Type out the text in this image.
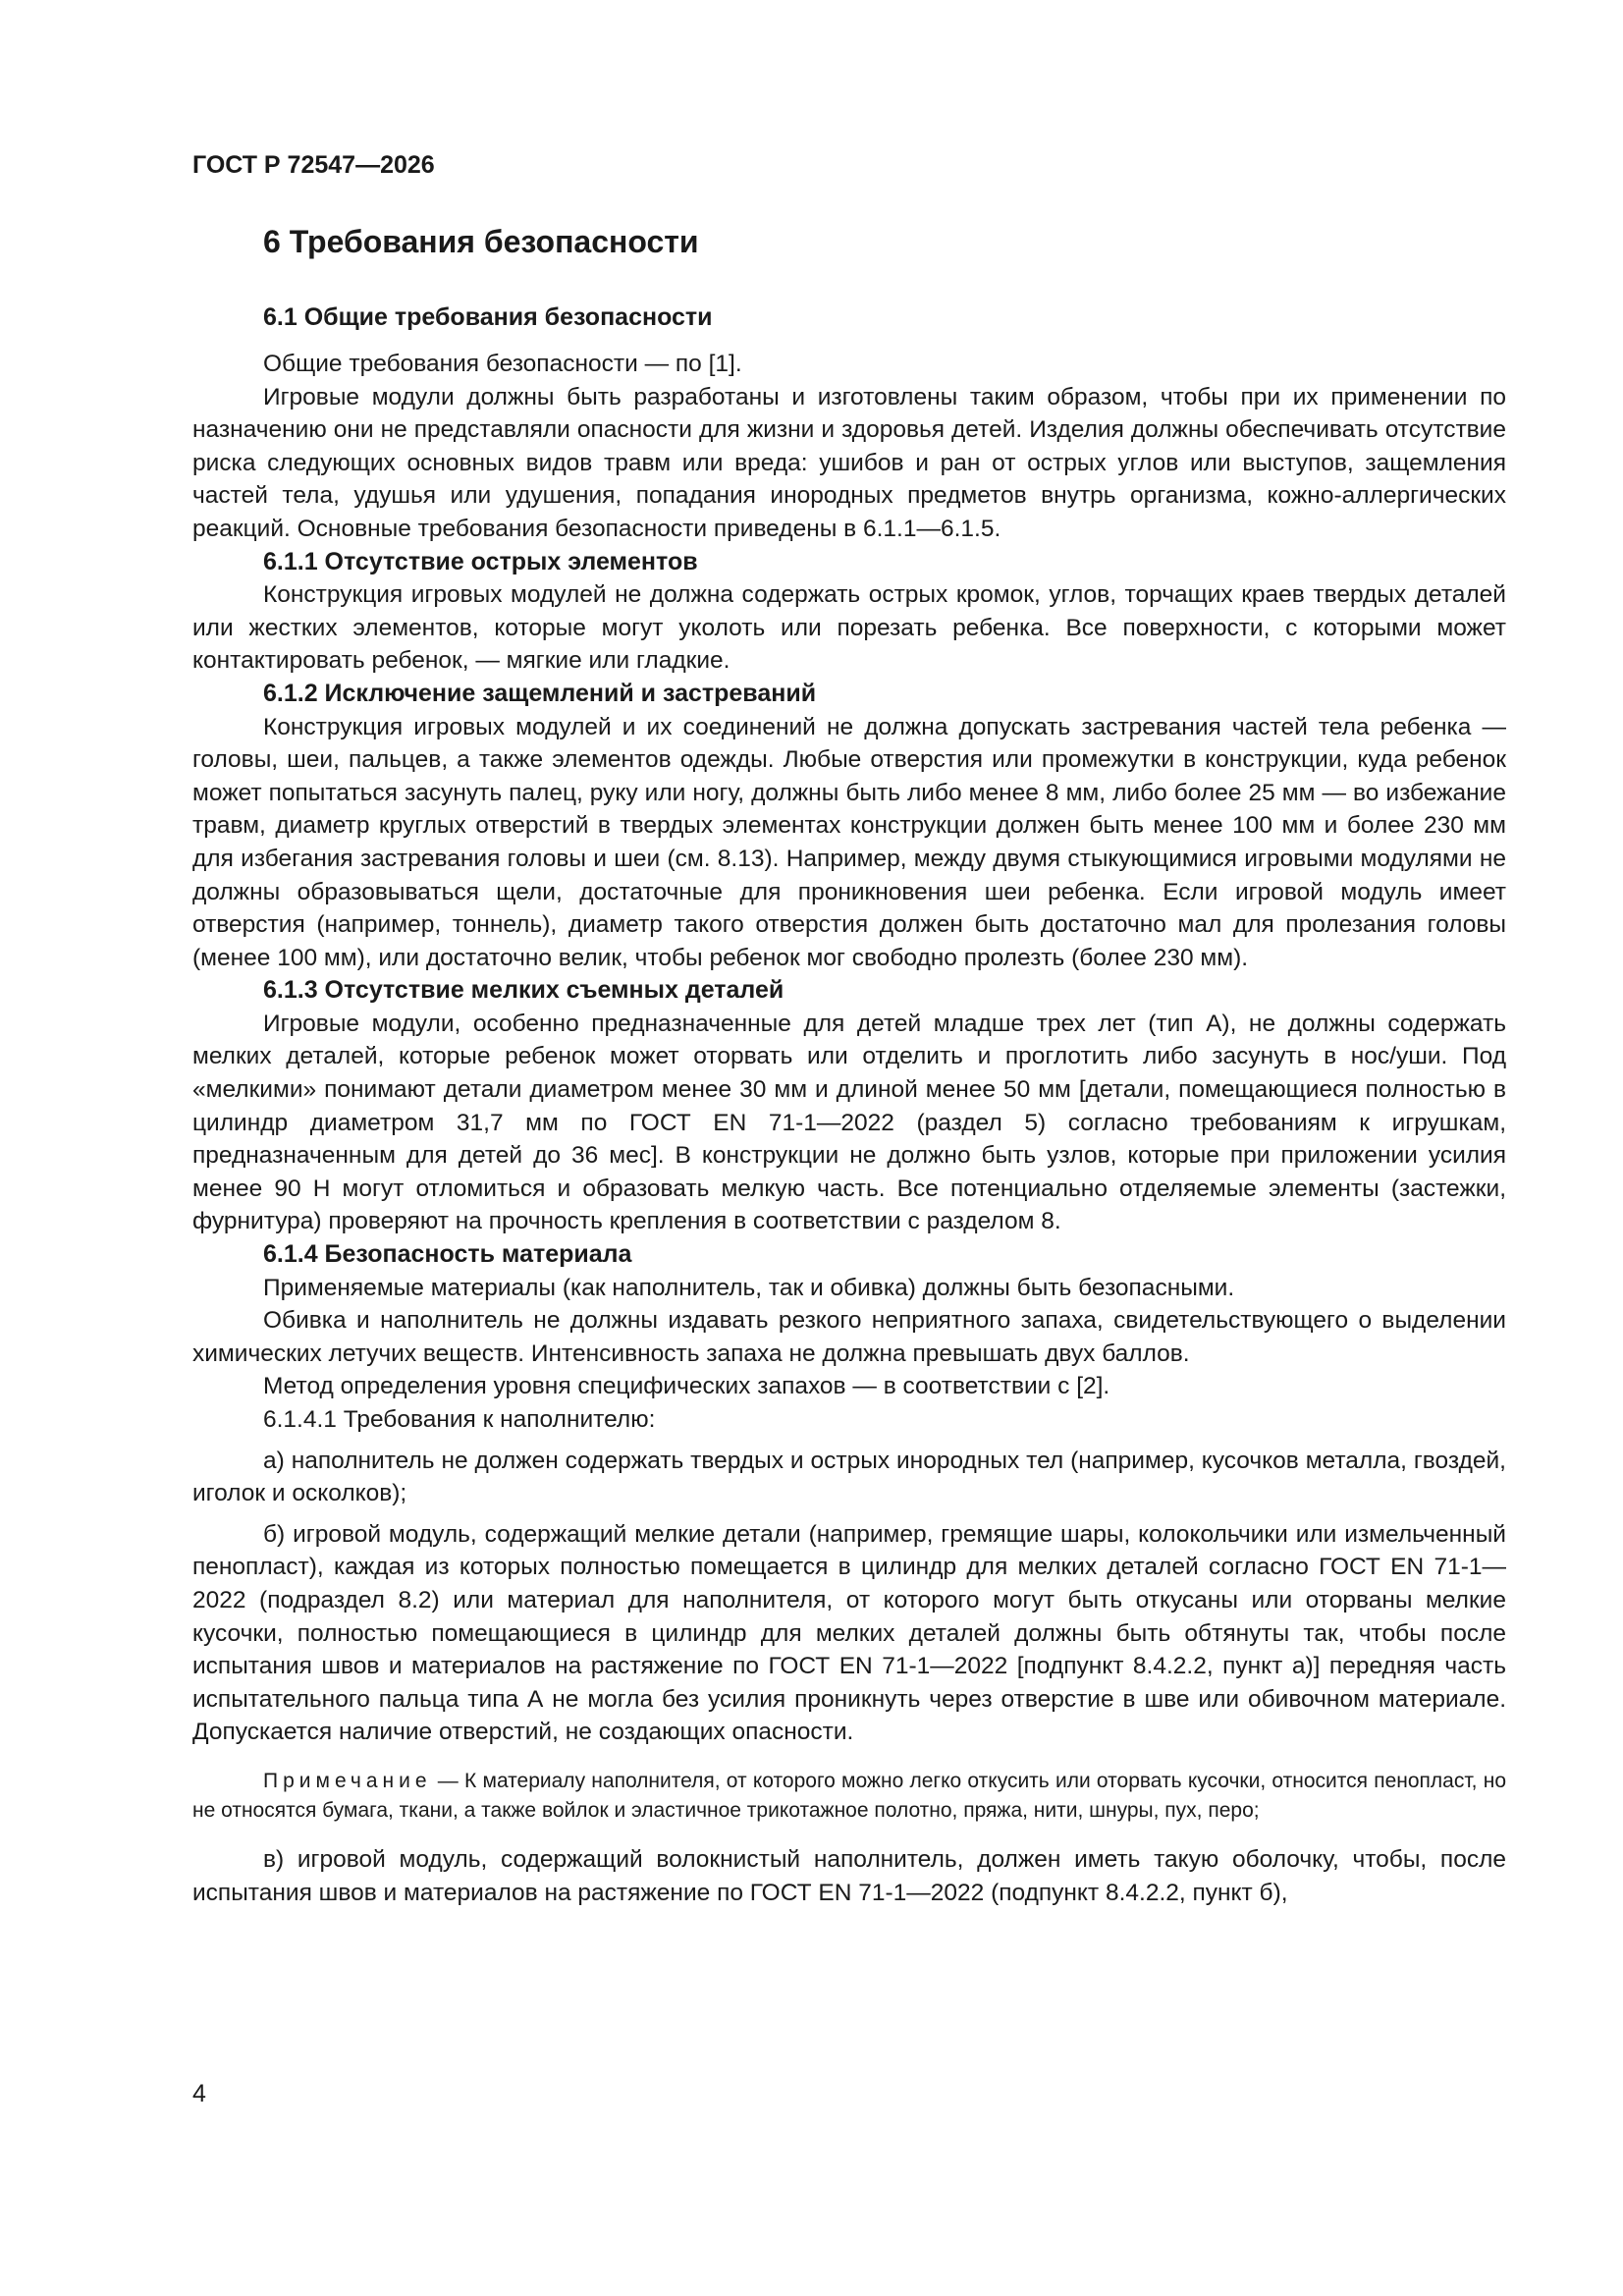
ГОСТ Р 72547—2026
6 Требования безопасности
6.1 Общие требования безопасности

Общие требования безопасности — по [1].

Игровые модули должны быть разработаны и изготовлены таким образом, чтобы при их применении по назначению они не представляли опасности для жизни и здоровья детей. Изделия должны обеспечивать отсутствие риска следующих основных видов травм или вреда: ушибов и ран от острых углов или выступов, защемления частей тела, удушья или удушения, попадания инородных предметов внутрь организма, кожно-аллергических реакций. Основные требования безопасности приведены в 6.1.1—6.1.5.

6.1.1 Отсутствие острых элементов

Конструкция игровых модулей не должна содержать острых кромок, углов, торчащих краев твердых деталей или жестких элементов, которые могут уколоть или порезать ребенка. Все поверхности, с которыми может контактировать ребенок, — мягкие или гладкие.

6.1.2 Исключение защемлений и застреваний

Конструкция игровых модулей и их соединений не должна допускать застревания частей тела ребенка — головы, шеи, пальцев, а также элементов одежды. Любые отверстия или промежутки в конструкции, куда ребенок может попытаться засунуть палец, руку или ногу, должны быть либо менее 8 мм, либо более 25 мм — во избежание травм, диаметр круглых отверстий в твердых элементах конструкции должен быть менее 100 мм и более 230 мм для избегания застревания головы и шеи (см. 8.13). Например, между двумя стыкующимися игровыми модулями не должны образовываться щели, достаточные для проникновения шеи ребенка. Если игровой модуль имеет отверстия (например, тоннель), диаметр такого отверстия должен быть достаточно мал для пролезания головы (менее 100 мм), или достаточно велик, чтобы ребенок мог свободно пролезть (более 230 мм).

6.1.3 Отсутствие мелких съемных деталей

Игровые модули, особенно предназначенные для детей младше трех лет (тип А), не должны содержать мелких деталей, которые ребенок может оторвать или отделить и проглотить либо засунуть в нос/уши. Под «мелкими» понимают детали диаметром менее 30 мм и длиной менее 50 мм [детали, помещающиеся полностью в цилиндр диаметром 31,7 мм по ГОСТ EN 71-1—2022 (раздел 5) согласно требованиям к игрушкам, предназначенным для детей до 36 мес]. В конструкции не должно быть узлов, которые при приложении усилия менее 90 Н могут отломиться и образовать мелкую часть. Все потенциально отделяемые элементы (застежки, фурнитура) проверяют на прочность крепления в соответствии с разделом 8.

6.1.4 Безопасность материала

Применяемые материалы (как наполнитель, так и обивка) должны быть безопасными.

Обивка и наполнитель не должны издавать резкого неприятного запаха, свидетельствующего о выделении химических летучих веществ. Интенсивность запаха не должна превышать двух баллов.

Метод определения уровня специфических запахов — в соответствии с [2].

6.1.4.1 Требования к наполнителю:

а) наполнитель не должен содержать твердых и острых инородных тел (например, кусочков металла, гвоздей, иголок и осколков);

б) игровой модуль, содержащий мелкие детали (например, гремящие шары, колокольчики или измельченный пенопласт), каждая из которых полностью помещается в цилиндр для мелких деталей согласно ГОСТ EN 71-1—2022 (подраздел 8.2) или материал для наполнителя, от которого могут быть откусаны или оторваны мелкие кусочки, полностью помещающиеся в цилиндр для мелких деталей должны быть обтянуты так, чтобы после испытания швов и материалов на растяжение по ГОСТ EN 71-1—2022 [подпункт 8.4.2.2, пункт а)] передняя часть испытательного пальца типа А не могла без усилия проникнуть через отверстие в шве или обивочном материале. Допускается наличие отверстий, не создающих опасности.

Примечание — К материалу наполнителя, от которого можно легко откусить или оторвать кусочки, относится пенопласт, но не относятся бумага, ткани, а также войлок и эластичное трикотажное полотно, пряжа, нити, шнуры, пух, перо;

в) игровой модуль, содержащий волокнистый наполнитель, должен иметь такую оболочку, чтобы, после испытания швов и материалов на растяжение по ГОСТ EN 71-1—2022 (подпункт 8.4.2.2, пункт б),

4
